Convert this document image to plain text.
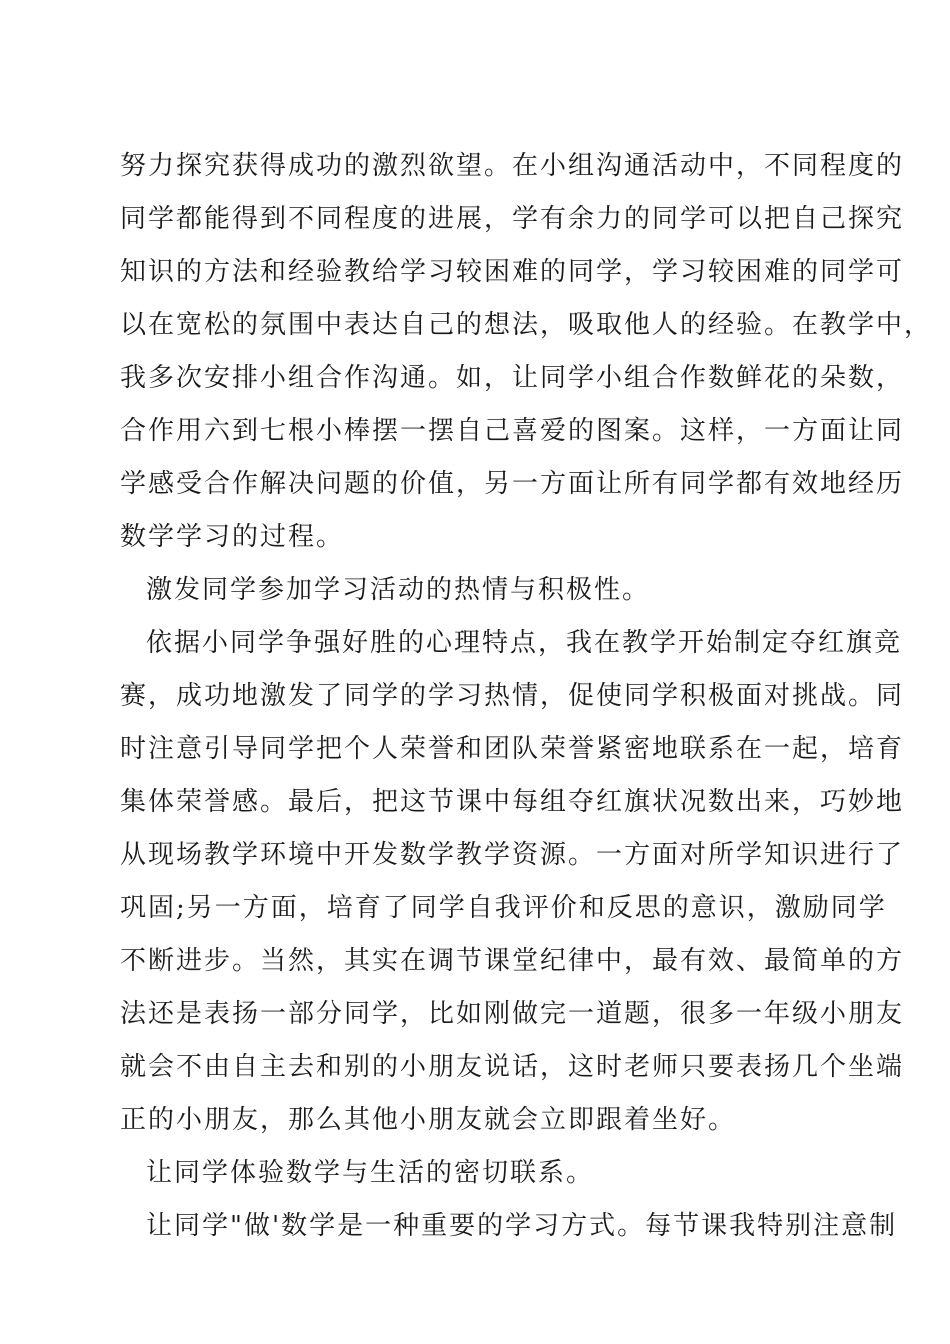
努力探究获得成功的激烈欲望。在小组沟通活动中，不同程度的
同学都能得到不同程度的进展，学有余力的同学可以把自己探究
知识的方法和经验教给学习较困难的同学，学习较困难的同学可
以在宽松的氛围中表达自己的想法，吸取他人的经验。在教学中，
我多次安排小组合作沟通。如，让同学小组合作数鲜花的朵数，
合作用六到七根小棒摆一摆自己喜爱的图案。这样，一方面让同
学感受合作解决问题的价值，另一方面让所有同学都有效地经历
数学学习的过程。
激发同学参加学习活动的热情与积极性。
依据小同学争强好胜的心理特点，我在教学开始制定夺红旗竞
赛，成功地激发了同学的学习热情，促使同学积极面对挑战。同
时注意引导同学把个人荣誉和团队荣誉紧密地联系在一起，培育
集体荣誉感。最后，把这节课中每组夺红旗状况数出来，巧妙地
从现场教学环境中开发数学教学资源。一方面对所学知识进行了
巩固;另一方面，培育了同学自我评价和反思的意识，激励同学
不断进步。当然，其实在调节课堂纪律中，最有效、最简单的方
法还是表扬一部分同学，比如刚做完一道题，很多一年级小朋友
就会不由自主去和别的小朋友说话，这时老师只要表扬几个坐端
正的小朋友，那么其他小朋友就会立即跟着坐好。
让同学体验数学与生活的密切联系。
让同学"做'数学是一种重要的学习方式。每节课我特别注意制
